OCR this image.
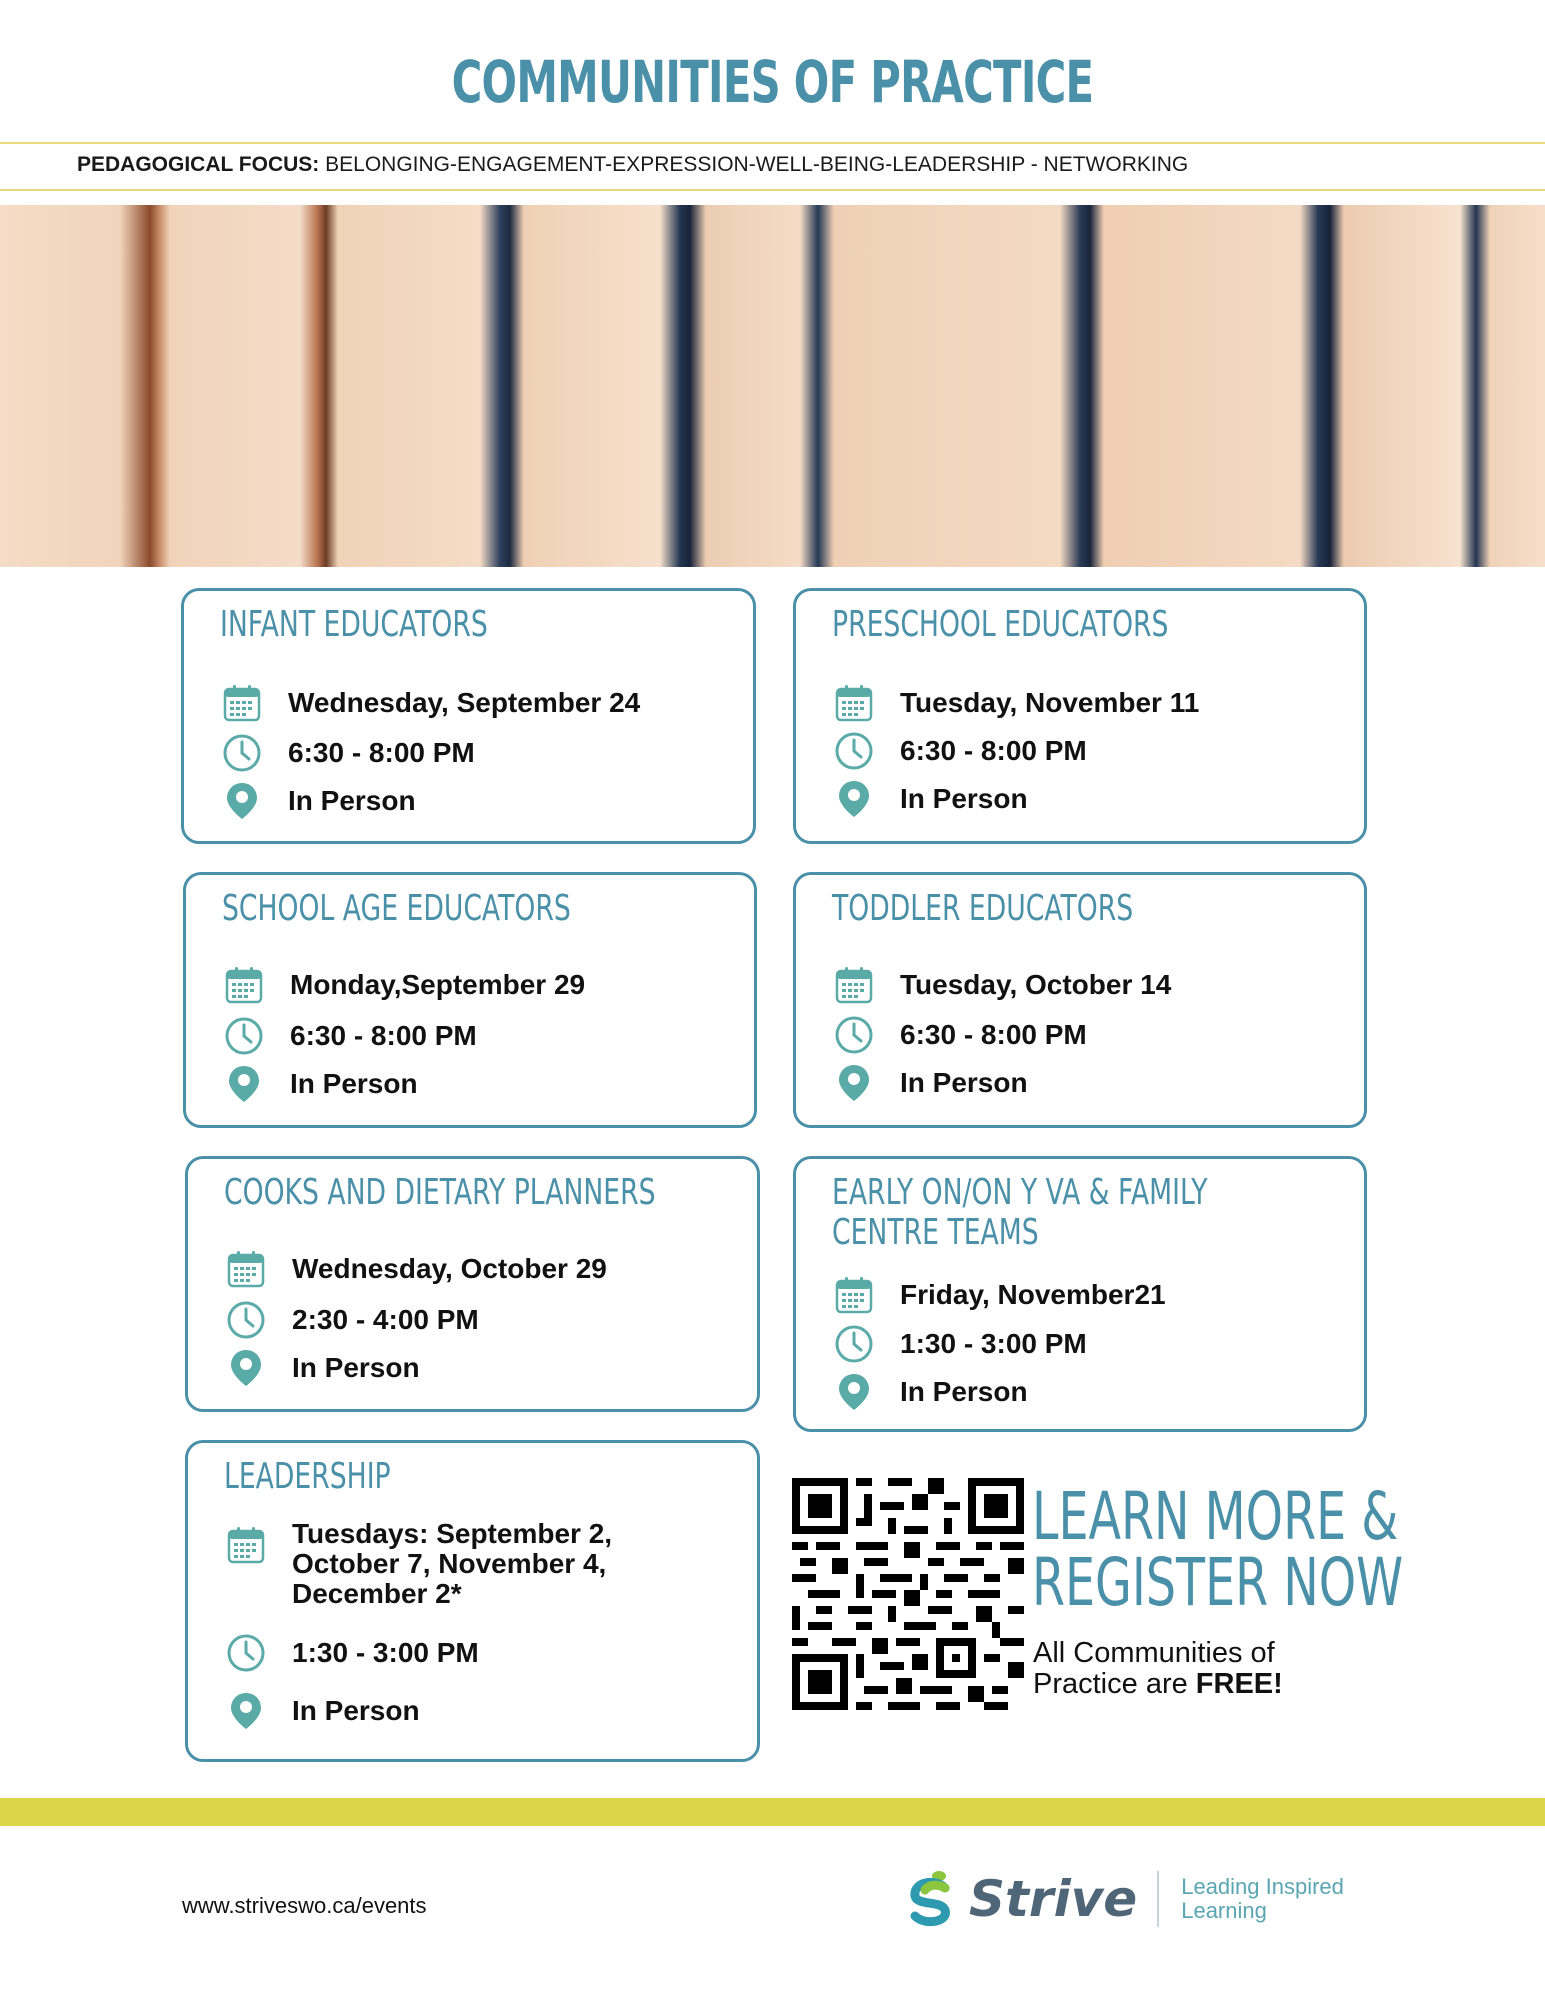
COMMUNITIES OF PRACTICE
PEDAGOGICAL FOCUS: BELONGING-ENGAGEMENT-EXPRESSION-WELL-BEING-LEADERSHIP - NETWORKING
INFANT EDUCATORS
Wednesday, September 24
6:30 - 8:00 PM
In Person
PRESCHOOL EDUCATORS
Tuesday, November 11
6:30 - 8:00 PM
In Person
SCHOOL AGE EDUCATORS
Monday,September 29
6:30 - 8:00 PM
In Person
TODDLER EDUCATORS
Tuesday, October 14
6:30 - 8:00 PM
In Person
COOKS AND DIETARY PLANNERS
Wednesday, October 29
2:30 - 4:00 PM
In Person
EARLY ON/ON Y VA & FAMILY
CENTRE TEAMS
Friday, November21
1:30 - 3:00 PM
In Person
LEADERSHIP
Tuesdays: September 2,
October 7, November 4,
December 2*
1:30 - 3:00 PM
In Person
LEARN MORE &
REGISTER NOW
All Communities of
Practice are FREE!
www.striveswo.ca/events	Strive Leading Inspired
Learning
